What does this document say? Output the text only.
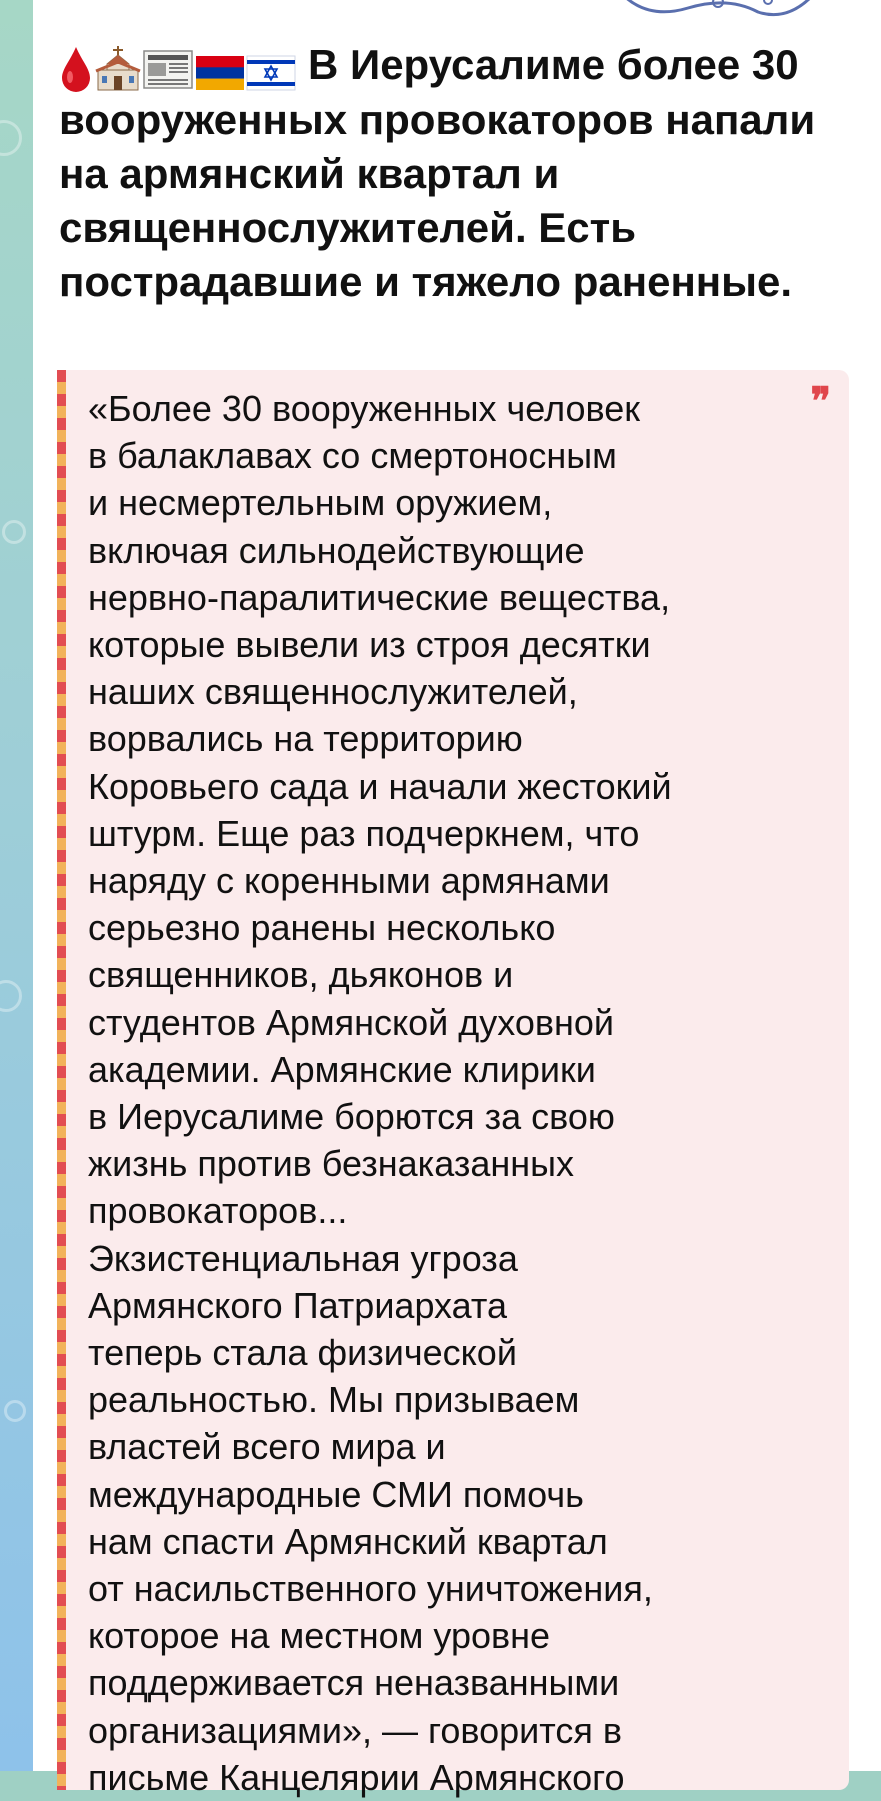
В Иерусалиме более 30 вооруженных провокаторов напали на армянский квартал и священнослужителей. Есть пострадавшие и тяжело раненные.

❞

«Более 30 вооруженных человек
в балаклавах со смертоносным
и несмертельным оружием,
включая сильнодействующие
нервно-паралитические вещества,
которые вывели из строя десятки
наших священнослужителей,
ворвались на территорию
Коровьего сада и начали жестокий
штурм. Еще раз подчеркнем, что
наряду с коренными армянами
серьезно ранены несколько
священников, дьяконов и
студентов Армянской духовной
академии. Армянские клирики
в Иерусалиме борются за свою
жизнь против безнаказанных
провокаторов...
Экзистенциальная угроза
Армянского Патриархата
теперь стала физической
реальностью. Мы призываем
властей всего мира и
международные СМИ помочь
нам спасти Армянский квартал
от насильственного уничтожения,
которое на местном уровне
поддерживается неназванными
организациями», — говорится в
письме Канцелярии Армянского
